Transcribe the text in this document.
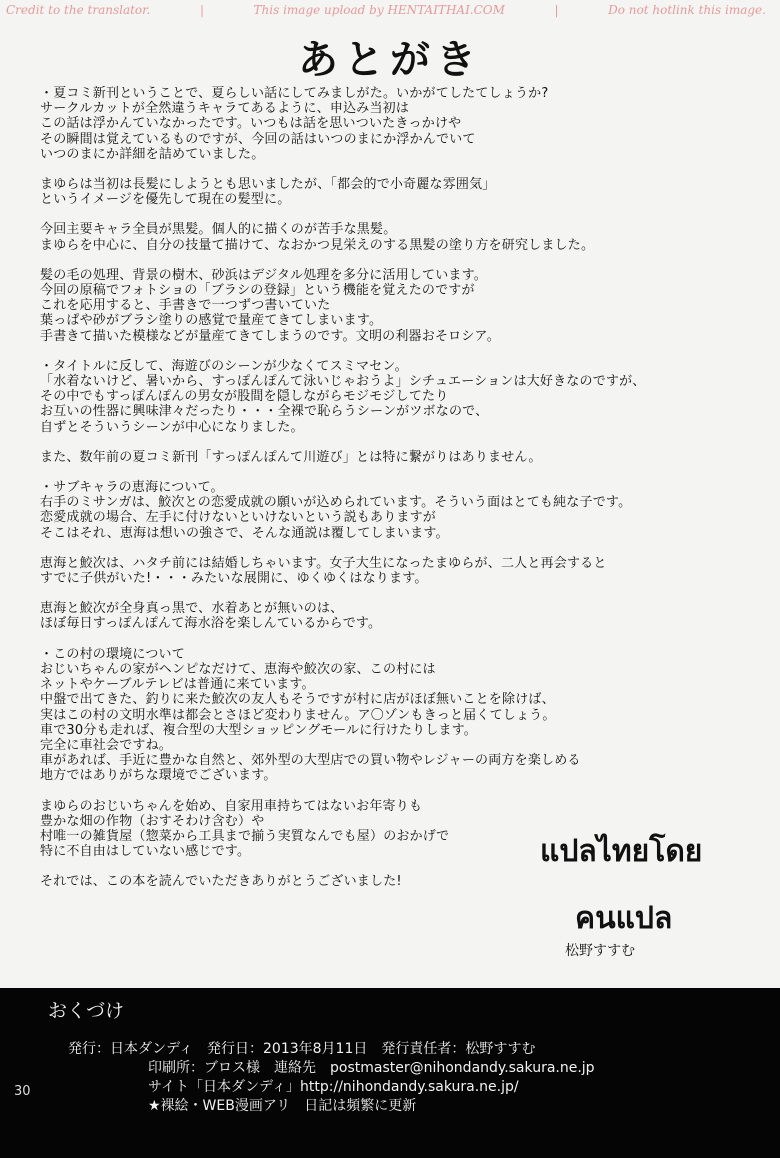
Credit to the translator.	|	This image upload by HENTAITHAI.COM	|	Do not hotlink this image.
あとがき
・夏コミ新刊ということで、夏らしい話にしてみましがた。いかがてしたてしょうか?
サークルカットが全然違うキャラてあるように、申込み当初は
この話は浮かんていなかったです。いつもは話を思いついたきっかけや
その瞬間は覚えているものですが、今回の話はいつのまにか浮かんでいて
いつのまにか詳細を詰めていました。
まゆらは当初は長髪にしようとも思いましたが、「都会的で小奇麗な雰囲気」
というイメージを優先して現在の髪型に。
今回主要キャラ全員が黒髪。個人的に描くのが苦手な黒髪。
まゆらを中心に、自分の技量て描けて、なおかつ見栄えのする黒髪の塗り方を研究しました。
髪の毛の処理、背景の樹木、砂浜はデジタル処理を多分に活用しています。
今回の原稿でフォトショの「ブラシの登録」という機能を覚えたのですが
これを応用すると、手書きで一つずつ書いていた
葉っぱや砂がブラシ塗りの感覚で量産てきてしまいます。
手書きて描いた模様などが量産てきてしまうのです。文明の利器おそロシア。
・タイトルに反して、海遊びのシーンが少なくてスミマセン。
「水着ないけど、暑いから、すっぽんぽんて泳いじゃおうよ」シチュエーションは大好きなのですが、
その中でもすっぽんぽんの男女が股間を隠しながらモジモジしてたり
お互いの性器に興味津々だったり・・・全裸で恥らうシーンがツボなので、
自ずとそういうシーンが中心になりました。
また、数年前の夏コミ新刊「すっぽんぽんて川遊び」とは特に繋がりはありません。
・サブキャラの恵海について。
右手のミサンガは、鮫次との恋愛成就の願いが込められています。そういう面はとても純な子です。
恋愛成就の場合、左手に付けないといけないという説もありますが
そこはそれ、恵海は想いの強さで、そんな通説は覆してしまいます。
恵海と鮫次は、ハタチ前には結婚しちゃいます。女子大生になったまゆらが、二人と再会すると
すでに子供がいた!・・・みたいな展開に、ゆくゆくはなります。
恵海と鮫次が全身真っ黒で、水着あとが無いのは、
ほぼ毎日すっぽんぽんて海水浴を楽しんているからです。
・この村の環境について
おじいちゃんの家がヘンピなだけて、恵海や鮫次の家、この村には
ネットやケーブルテレビは普通に来ています。
中盤で出てきた、釣りに来た鮫次の友人もそうですが村に店がほぼ無いことを除けば、
実はこの村の文明水準は都会とさほど変わりません。ア〇ゾンもきっと届くてしょう。
車で30分も走れば、複合型の大型ショッピングモールに行けたりします。
完全に車社会ですね。
車があれば、手近に豊かな自然と、郊外型の大型店での買い物やレジャーの両方を楽しめる
地方ではありがちな環境でございます。
まゆらのおじいちゃんを始め、自家用車持ちてはないお年寄りも
豊かな畑の作物（おすそわけ含む）や
村唯一の雑貨屋（惣菜から工具まで揃う実質なんでも屋）のおかげで
特に不自由はしていない感じです。
それでは、この本を読んでいただきありがとうございました!
แปลไทยโดย
คนแปล
松野すすむ
おくづけ
30
発行：日本ダンディ　発行日：2013年8月11日　発行責任者：松野すすむ
印刷所：ブロス様　連絡先　postmaster@nihondandy.sakura.ne.jp
サイト「日本ダンディ」http://nihondandy.sakura.ne.jp/
★裸絵・WEB漫画アリ　日記は頻繁に更新
